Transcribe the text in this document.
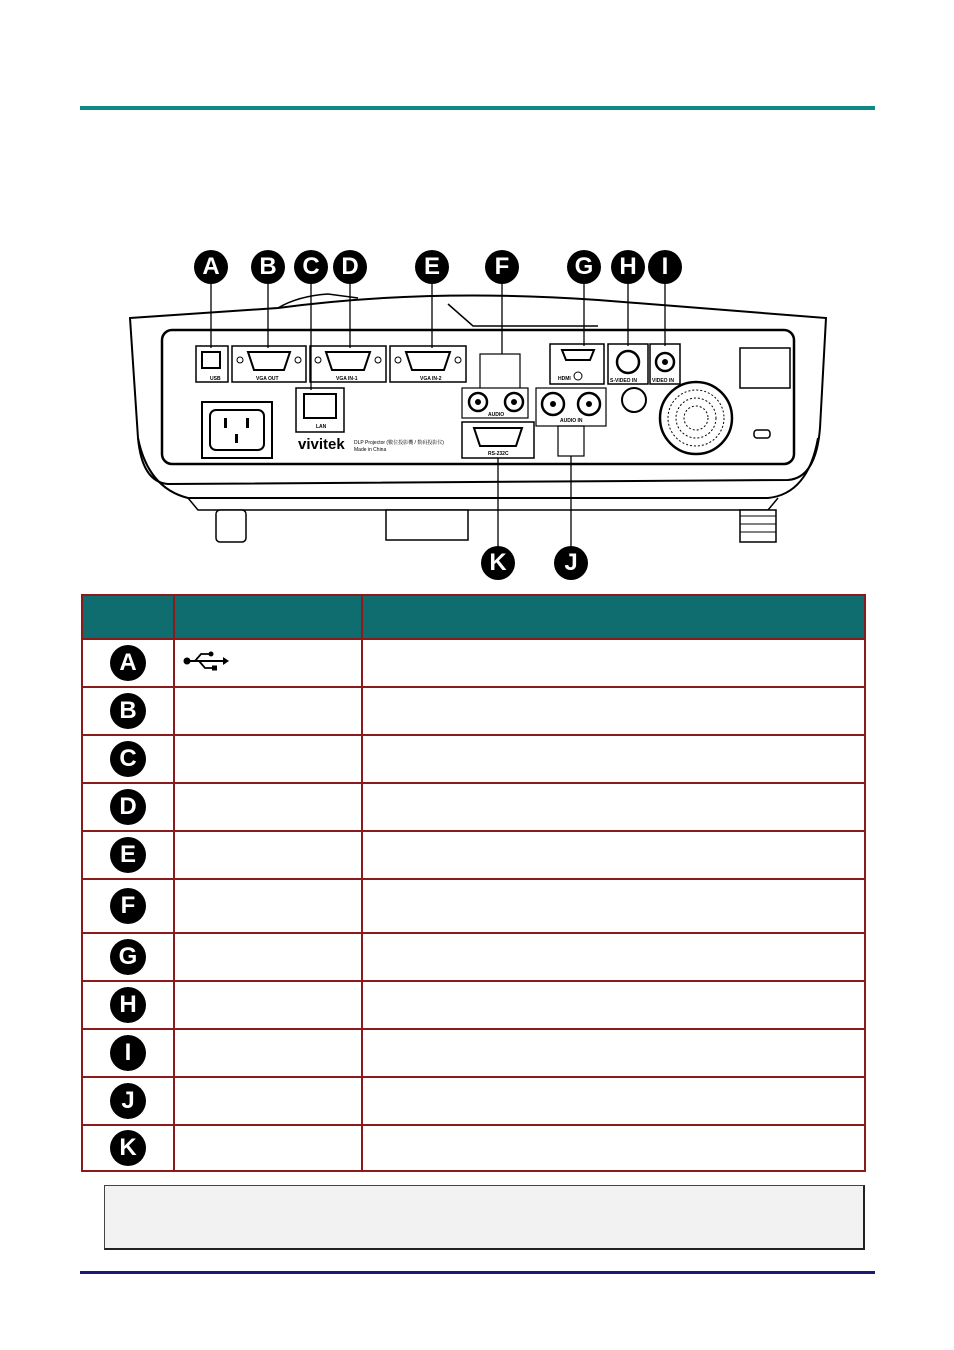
A	B	C D	E	F	G	H	I
K	J
USB	VGA OUT	VGA IN-1	VGA IN-2
LAN
AUDIO
HDMI	S-VIDEO IN	VIDEO IN
AUDIO IN
RS-232C
vivitek DLP Projector (數位投影機 / 数码投影仪)
Made in China

A		
B		
C		
D		
E		
F		
G		
H		
I		
J		
K		
